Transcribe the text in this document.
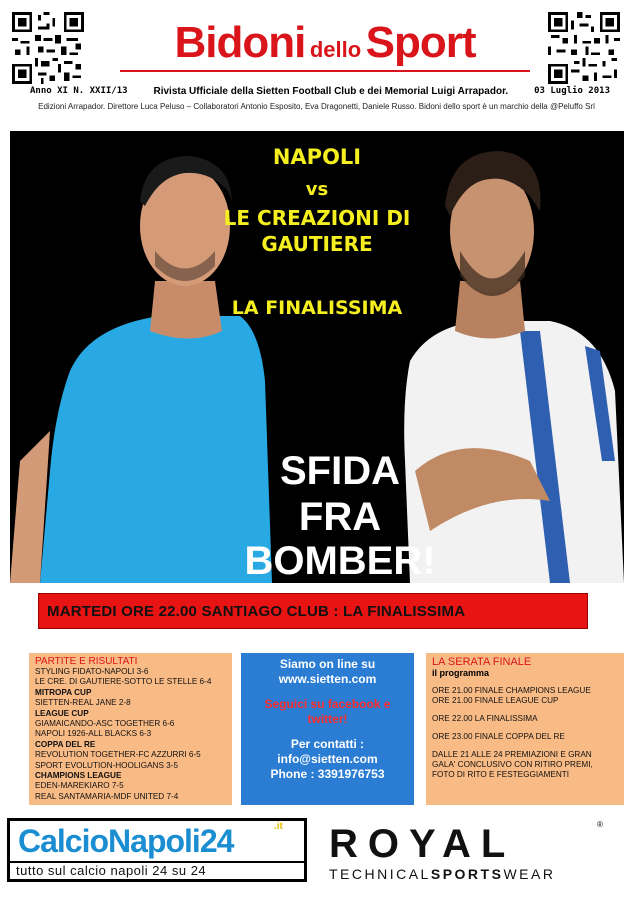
Bidoni dello Sport
Anno XI N. XXII/13	Rivista Ufficiale della Sietten Football Club e dei Memorial Luigi Arrapador.	03 Luglio 2013
Edizioni Arrapador. Direttore Luca Peluso – Collaboratori Antonio Esposito, Eva Dragonetti, Daniele Russo. Bidoni dello sport è un marchio della @Peluffo Srl
NAPOLI
vs
LE CREAZIONI DI
GAUTIERE
LA FINALISSIMA
SFIDA
FRA
BOMBER!
MARTEDI ORE 22.00 SANTIAGO CLUB : LA FINALISSIMA
PARTITE E RISULTATI
STYLING FIDATO-NAPOLI 3-6
LE CRE. DI GAUTIERE-SOTTO LE STELLE 6-4
MITROPA CUP
SIETTEN-REAL JANE 2-8
LEAGUE CUP
GIAMAICANDO-ASC TOGETHER 6-6
NAPOLI 1926-ALL BLACKS 6-3
COPPA DEL RE
REVOLUTION TOGETHER-FC AZZURRI 6-5
SPORT EVOLUTION-HOOLIGANS 3-5
CHAMPIONS LEAGUE
EDEN-MAREKIARO 7-5
REAL SANTAMARIA-MDF UNITED 7-4
Siamo on line su
www.sietten.com
Seguici su facebook e
twitter!
Per contatti :
info@sietten.com
Phone : 3391976753
LA SERATA FINALE
il programma
ORE 21.00 FINALE CHAMPIONS LEAGUE
ORE 21.00 FINALE LEAGUE CUP
ORE 22.00 LA FINALISSIMA
ORE 23.00 FINALE COPPA DEL RE
DALLE 21 ALLE 24 PREMIAZIONI E GRAN
GALA' CONCLUSIVO CON RITIRO PREMI,
FOTO DI RITO E FESTEGGIAMENTI
CalcioNapoli24	.it
tutto sul calcio napoli 24 su 24
ROYAL	®
TECHNICALSPORTSWEAR
